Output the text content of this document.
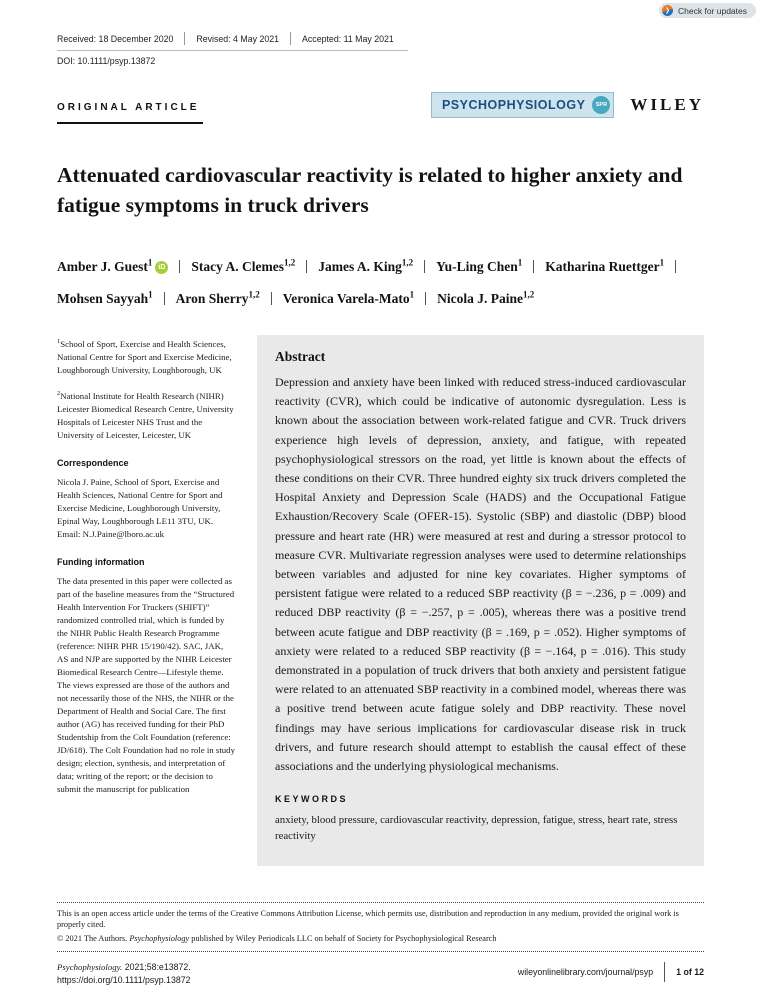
❯ Check for updates
Received: 18 December 2020	Revised: 4 May 2021	Accepted: 11 May 2021
DOI: 10.1111/psyp.13872
ORIGINAL ARTICLE	PSYCHOPHYSIOLOGY	SPR WILEY
Attenuated cardiovascular reactivity is related to higher anxiety and fatigue symptoms in truck drivers
Amber J. Guest$^1$ iD Stacy A. Clemes$^{1,2}$ James A. King$^{1,2}$ Yu-Ling Chen$^1$ Katharina Ruettger$^1$Mohsen Sayyah$^1$ Aron Sherry$^{1,2}$ Veronica Varela-Mato$^1$ Nicola J. Paine$^{1,2}$

$^1$School of Sport, Exercise and Health Sciences, National Centre for Sport and Exercise Medicine, Loughborough University, Loughborough, UK

$^2$National Institute for Health Research (NIHR) Leicester Biomedical Research Centre, University Hospitals of Leicester NHS Trust and the University of Leicester, Leicester, UK

Correspondence

Nicola J. Paine, School of Sport, Exercise and Health Sciences, National Centre for Sport and Exercise Medicine, Loughborough University, Epinal Way, Loughborough LE11 3TU, UK.

Email: N.J.Paine@lboro.ac.uk

Funding information

The data presented in this paper were collected as part of the baseline measures from the “Structured Health Intervention For Truckers (SHIFT)” randomized controlled trial, which is funded by the NIHR Public Health Research Programme (reference: NIHR PHR 15/190/42). SAC, JAK, AS and NJP are supported by the NIHR Leicester Biomedical Research Centre—Lifestyle theme. The views expressed are those of the authors and not necessarily those of the NHS, the NIHR or the Department of Health and Social Care. The first author (AG) has received funding for their PhD Studentship from the Colt Foundation (reference: JD/618). The Colt Foundation had no role in study design; election, synthesis, and interpretation of data; writing of the report; or the decision to submit the manuscript for publication

Abstract

Depression and anxiety have been linked with reduced stress-induced cardiovascular reactivity (CVR), which could be indicative of autonomic dysregulation. Less is known about the association between work-related fatigue and CVR. Truck drivers experience high levels of depression, anxiety, and fatigue, with repeated psychophysiological stressors on the road, yet little is known about the effects of these conditions on their CVR. Three hundred eighty six truck drivers completed the Hospital Anxiety and Depression Scale (HADS) and the Occupational Fatigue Exhaustion/Recovery Scale (OFER-15). Systolic (SBP) and diastolic (DBP) blood pressure and heart rate (HR) were measured at rest and during a stressor protocol to measure CVR. Multivariate regression analyses were used to determine relationships between variables and adjusted for nine key covariates. Higher symptoms of persistent fatigue were related to a reduced SBP reactivity (β = −.236, p = .009) and reduced DBP reactivity (β = −.257, p = .005), whereas there was a positive trend between acute fatigue and DBP reactivity (β = .169, p = .052). Higher symptoms of anxiety were related to a reduced SBP reactivity (β = −.164, p = .016). This study demonstrated in a population of truck drivers that both anxiety and persistent fatigue were related to an attenuated SBP reactivity in a combined model, whereas there was a positive trend between acute fatigue solely and DBP reactivity. These novel findings may have serious implications for cardiovascular disease risk in truck drivers, and future research should attempt to establish the causal effect of these associations and the underlying physiological mechanisms.

KEYWORDS

anxiety, blood pressure, cardiovascular reactivity, depression, fatigue, stress, heart rate, stress reactivity

This is an open access article under the terms of the Creative Commons Attribution License, which permits use, distribution and reproduction in any medium, provided the original work is properly cited.

© 2021 The Authors. Psychophysiology published by Wiley Periodicals LLC on behalf of Society for Psychophysiological Research

Psychophysiology. 2021;58:e13872.
https://doi.org/10.1111/psyp.13872
wileyonlinelibrary.com/journal/psyp	1 of 12
